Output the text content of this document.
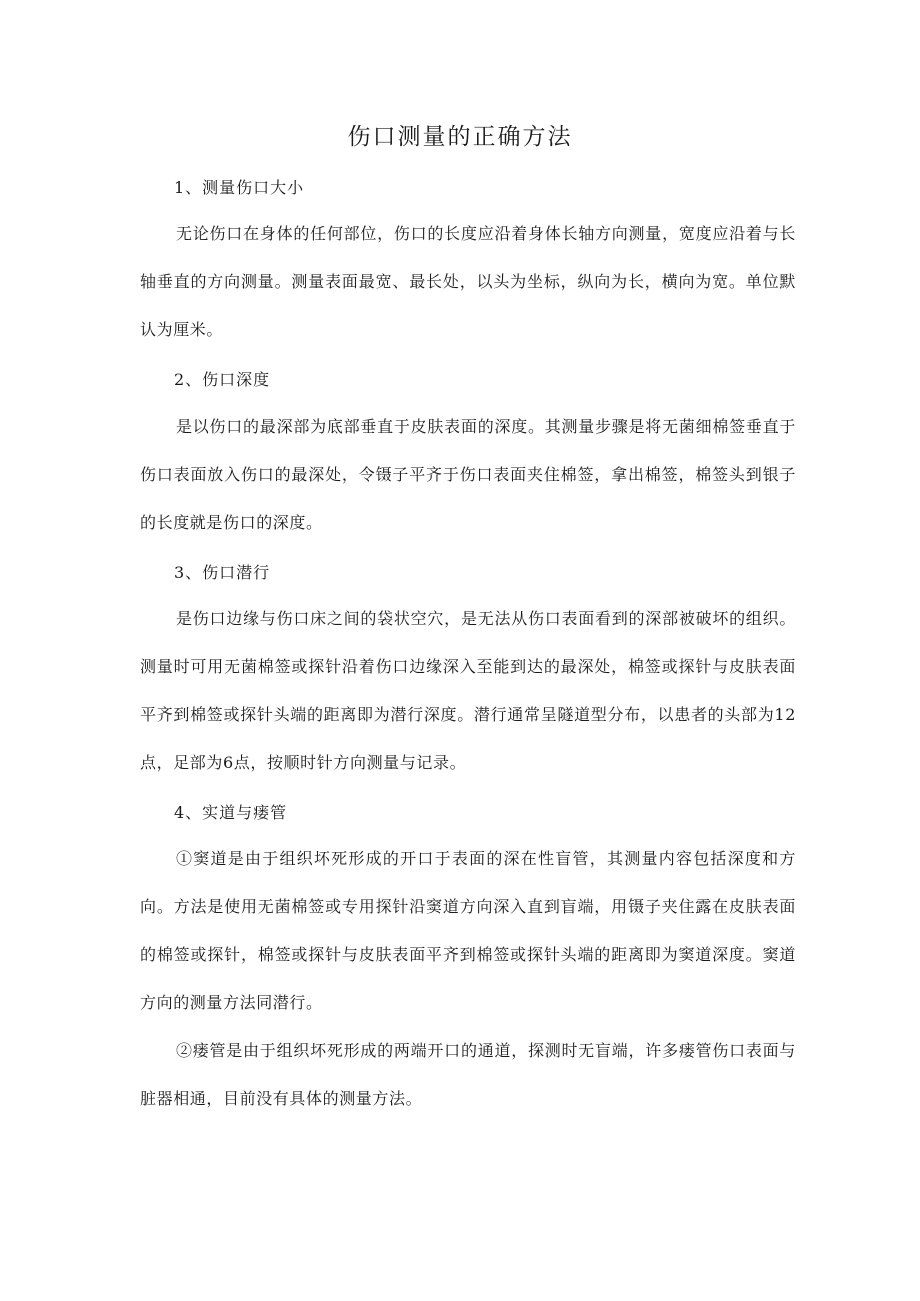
伤口测量的正确方法
1、测量伤口大小

无论伤口在身体的任何部位，伤口的长度应沿着身体长轴方向测量，宽度应沿着与长轴垂直的方向测量。测量表面最宽、最长处，以头为坐标，纵向为长，横向为宽。单位默认为厘米。

2、伤口深度

是以伤口的最深部为底部垂直于皮肤表面的深度。其测量步骤是将无菌细棉签垂直于伤口表面放入伤口的最深处，令镊子平齐于伤口表面夹住棉签，拿出棉签，棉签头到银子的长度就是伤口的深度。

3、伤口潜行

是伤口边缘与伤口床之间的袋状空穴，是无法从伤口表面看到的深部被破坏的组织。测量时可用无菌棉签或探针沿着伤口边缘深入至能到达的最深处，棉签或探针与皮肤表面平齐到棉签或探针头端的距离即为潜行深度。潜行通常呈隧道型分布，以患者的头部为12点，足部为6点，按顺时针方向测量与记录。

4、实道与瘘管

①窦道是由于组织坏死形成的开口于表面的深在性盲管，其测量内容包括深度和方向。方法是使用无菌棉签或专用探针沿窦道方向深入直到盲端，用镊子夹住露在皮肤表面的棉签或探针，棉签或探针与皮肤表面平齐到棉签或探针头端的距离即为窦道深度。窦道方向的测量方法同潜行。

②瘘管是由于组织坏死形成的两端开口的通道，探测时无盲端，许多瘘管伤口表面与脏器相通，目前没有具体的测量方法。
